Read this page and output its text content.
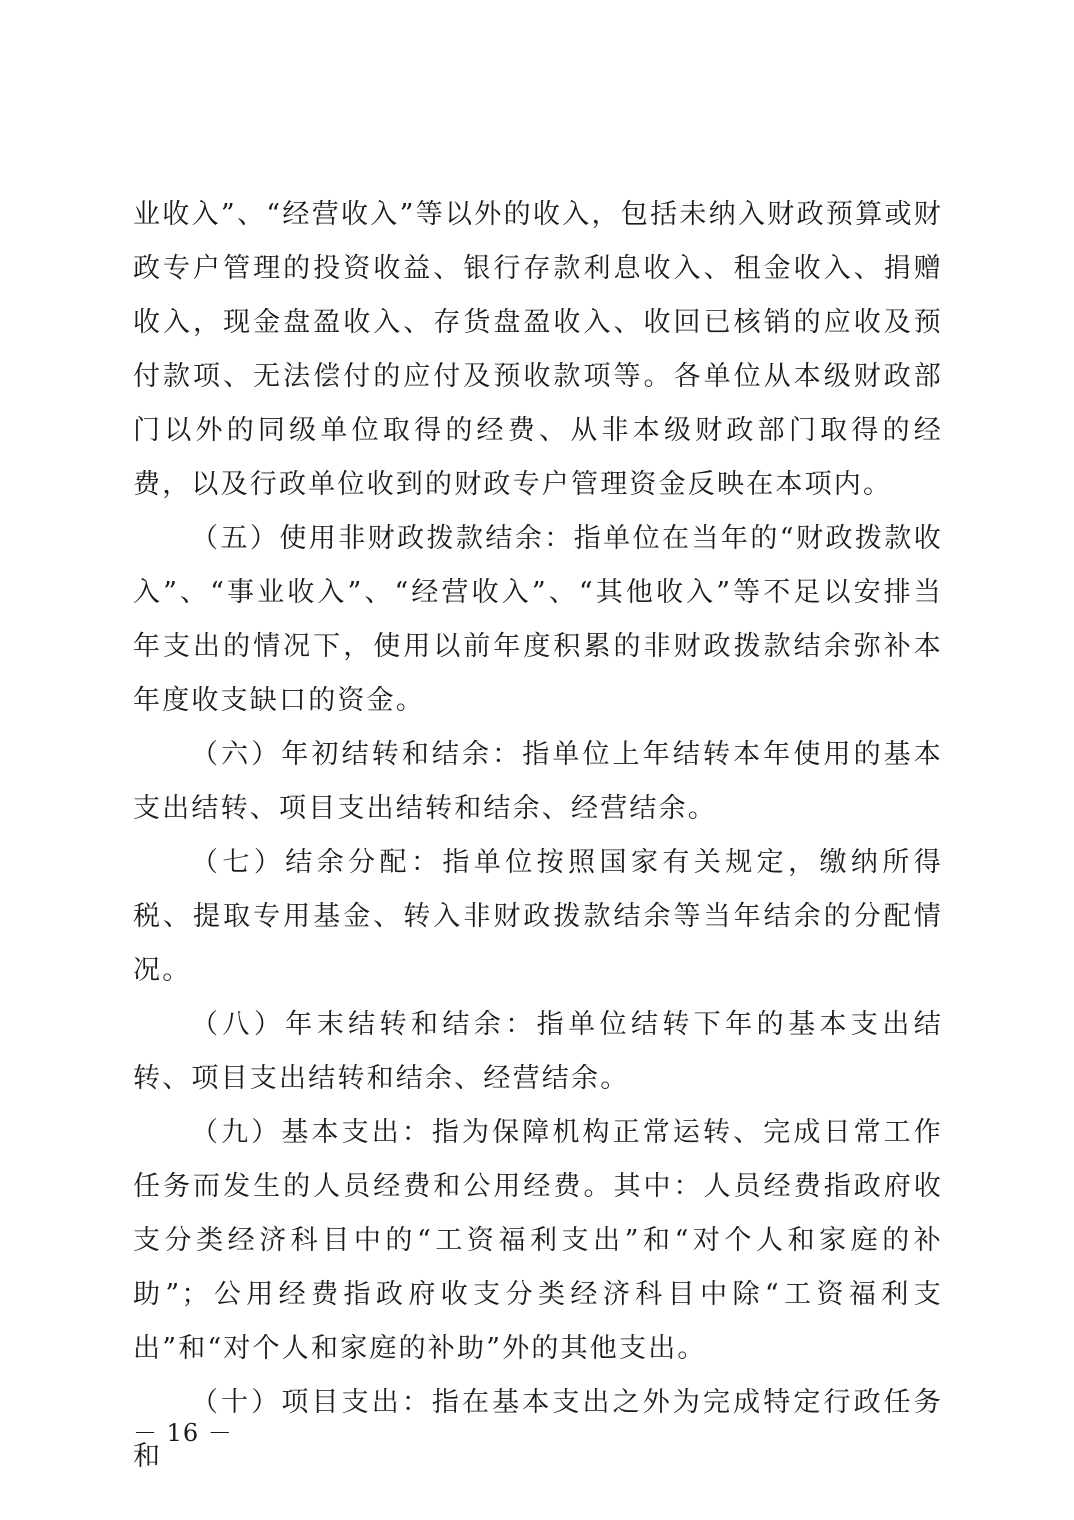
业收入”、“经营收入”等以外的收入，包括未纳入财政预算或财政专户管理的投资收益、银行存款利息收入、租金收入、捐赠收入，现金盘盈收入、存货盘盈收入、收回已核销的应收及预付款项、无法偿付的应付及预收款项等。各单位从本级财政部门以外的同级单位取得的经费、从非本级财政部门取得的经费，以及行政单位收到的财政专户管理资金反映在本项内。

（五）使用非财政拨款结余：指单位在当年的“财政拨款收入”、“事业收入”、“经营收入”、“其他收入”等不足以安排当年支出的情况下，使用以前年度积累的非财政拨款结余弥补本年度收支缺口的资金。

（六）年初结转和结余：指单位上年结转本年使用的基本支出结转、项目支出结转和结余、经营结余。

（七）结余分配：指单位按照国家有关规定，缴纳所得税、提取专用基金、转入非财政拨款结余等当年结余的分配情况。

（八）年末结转和结余：指单位结转下年的基本支出结转、项目支出结转和结余、经营结余。

（九）基本支出：指为保障机构正常运转、完成日常工作任务而发生的人员经费和公用经费。其中：人员经费指政府收支分类经济科目中的“工资福利支出”和“对个人和家庭的补助”；公用经费指政府收支分类经济科目中除“工资福利支出”和“对个人和家庭的补助”外的其他支出。

（十）项目支出：指在基本支出之外为完成特定行政任务和

－ 16 －
